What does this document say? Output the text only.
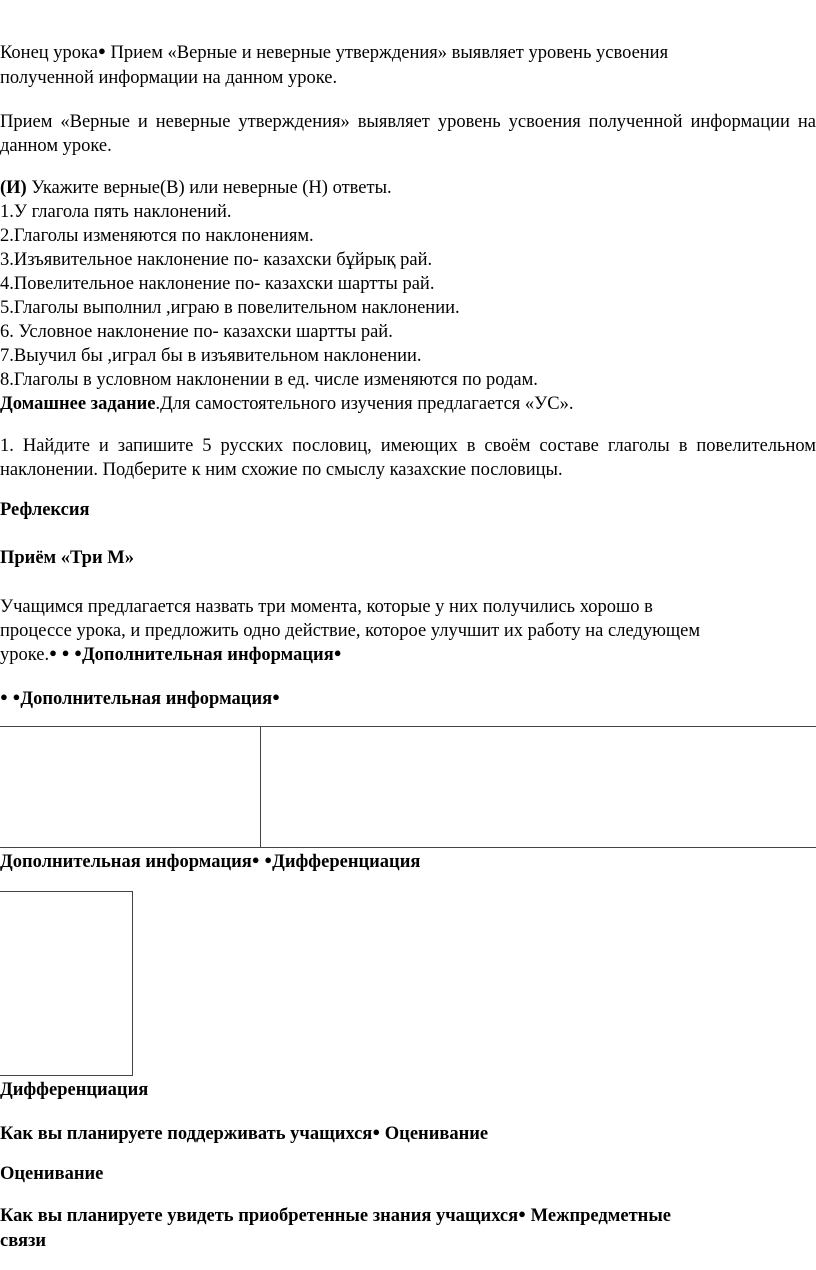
Конец урока● Прием «Верные и неверные утверждения» выявляет уровень усвоения
полученной информации на данном уроке.
Прием «Верные и неверные утверждения» выявляет уровень усвоения полученной информации на данном уроке.
(И) Укажите верные(В) или неверные (Н) ответы.
1.У глагола пять наклонений.
2.Глаголы изменяются по наклонениям.
3.Изъявительное наклонение по- казахски бұйрық рай.
4.Повелительное наклонение по- казахски шартты рай.
5.Глаголы выполнил ,играю в повелительном наклонении.
6. Условное наклонение по- казахски шартты рай.
7.Выучил бы ,играл бы в изъявительном наклонении.
8.Глаголы в условном наклонении в ед. числе изменяются по родам.
Домашнее задание.Для самостоятельного изучения предлагается «УС».
1. Найдите и запишите 5 русских пословиц, имеющих в своём составе глаголы в повелительном наклонении. Подберите к ним схожие по смыслу казахские пословицы.
Рефлексия
Приём «Три М»
Учащимся предлагается назвать три момента, которые у них получились хорошо в
процессе урока, и предложить одно действие, которое улучшит их работу на следующем
уроке.● ● ●Дополнительная информация●
● ●Дополнительная информация●
Дополнительная информация● ●Дифференциация
Дифференциация
Как вы планируете поддерживать учащихся● Оценивание
Оценивание
Как вы планируете увидеть приобретенные знания учащихся● Межпредметные
связи
